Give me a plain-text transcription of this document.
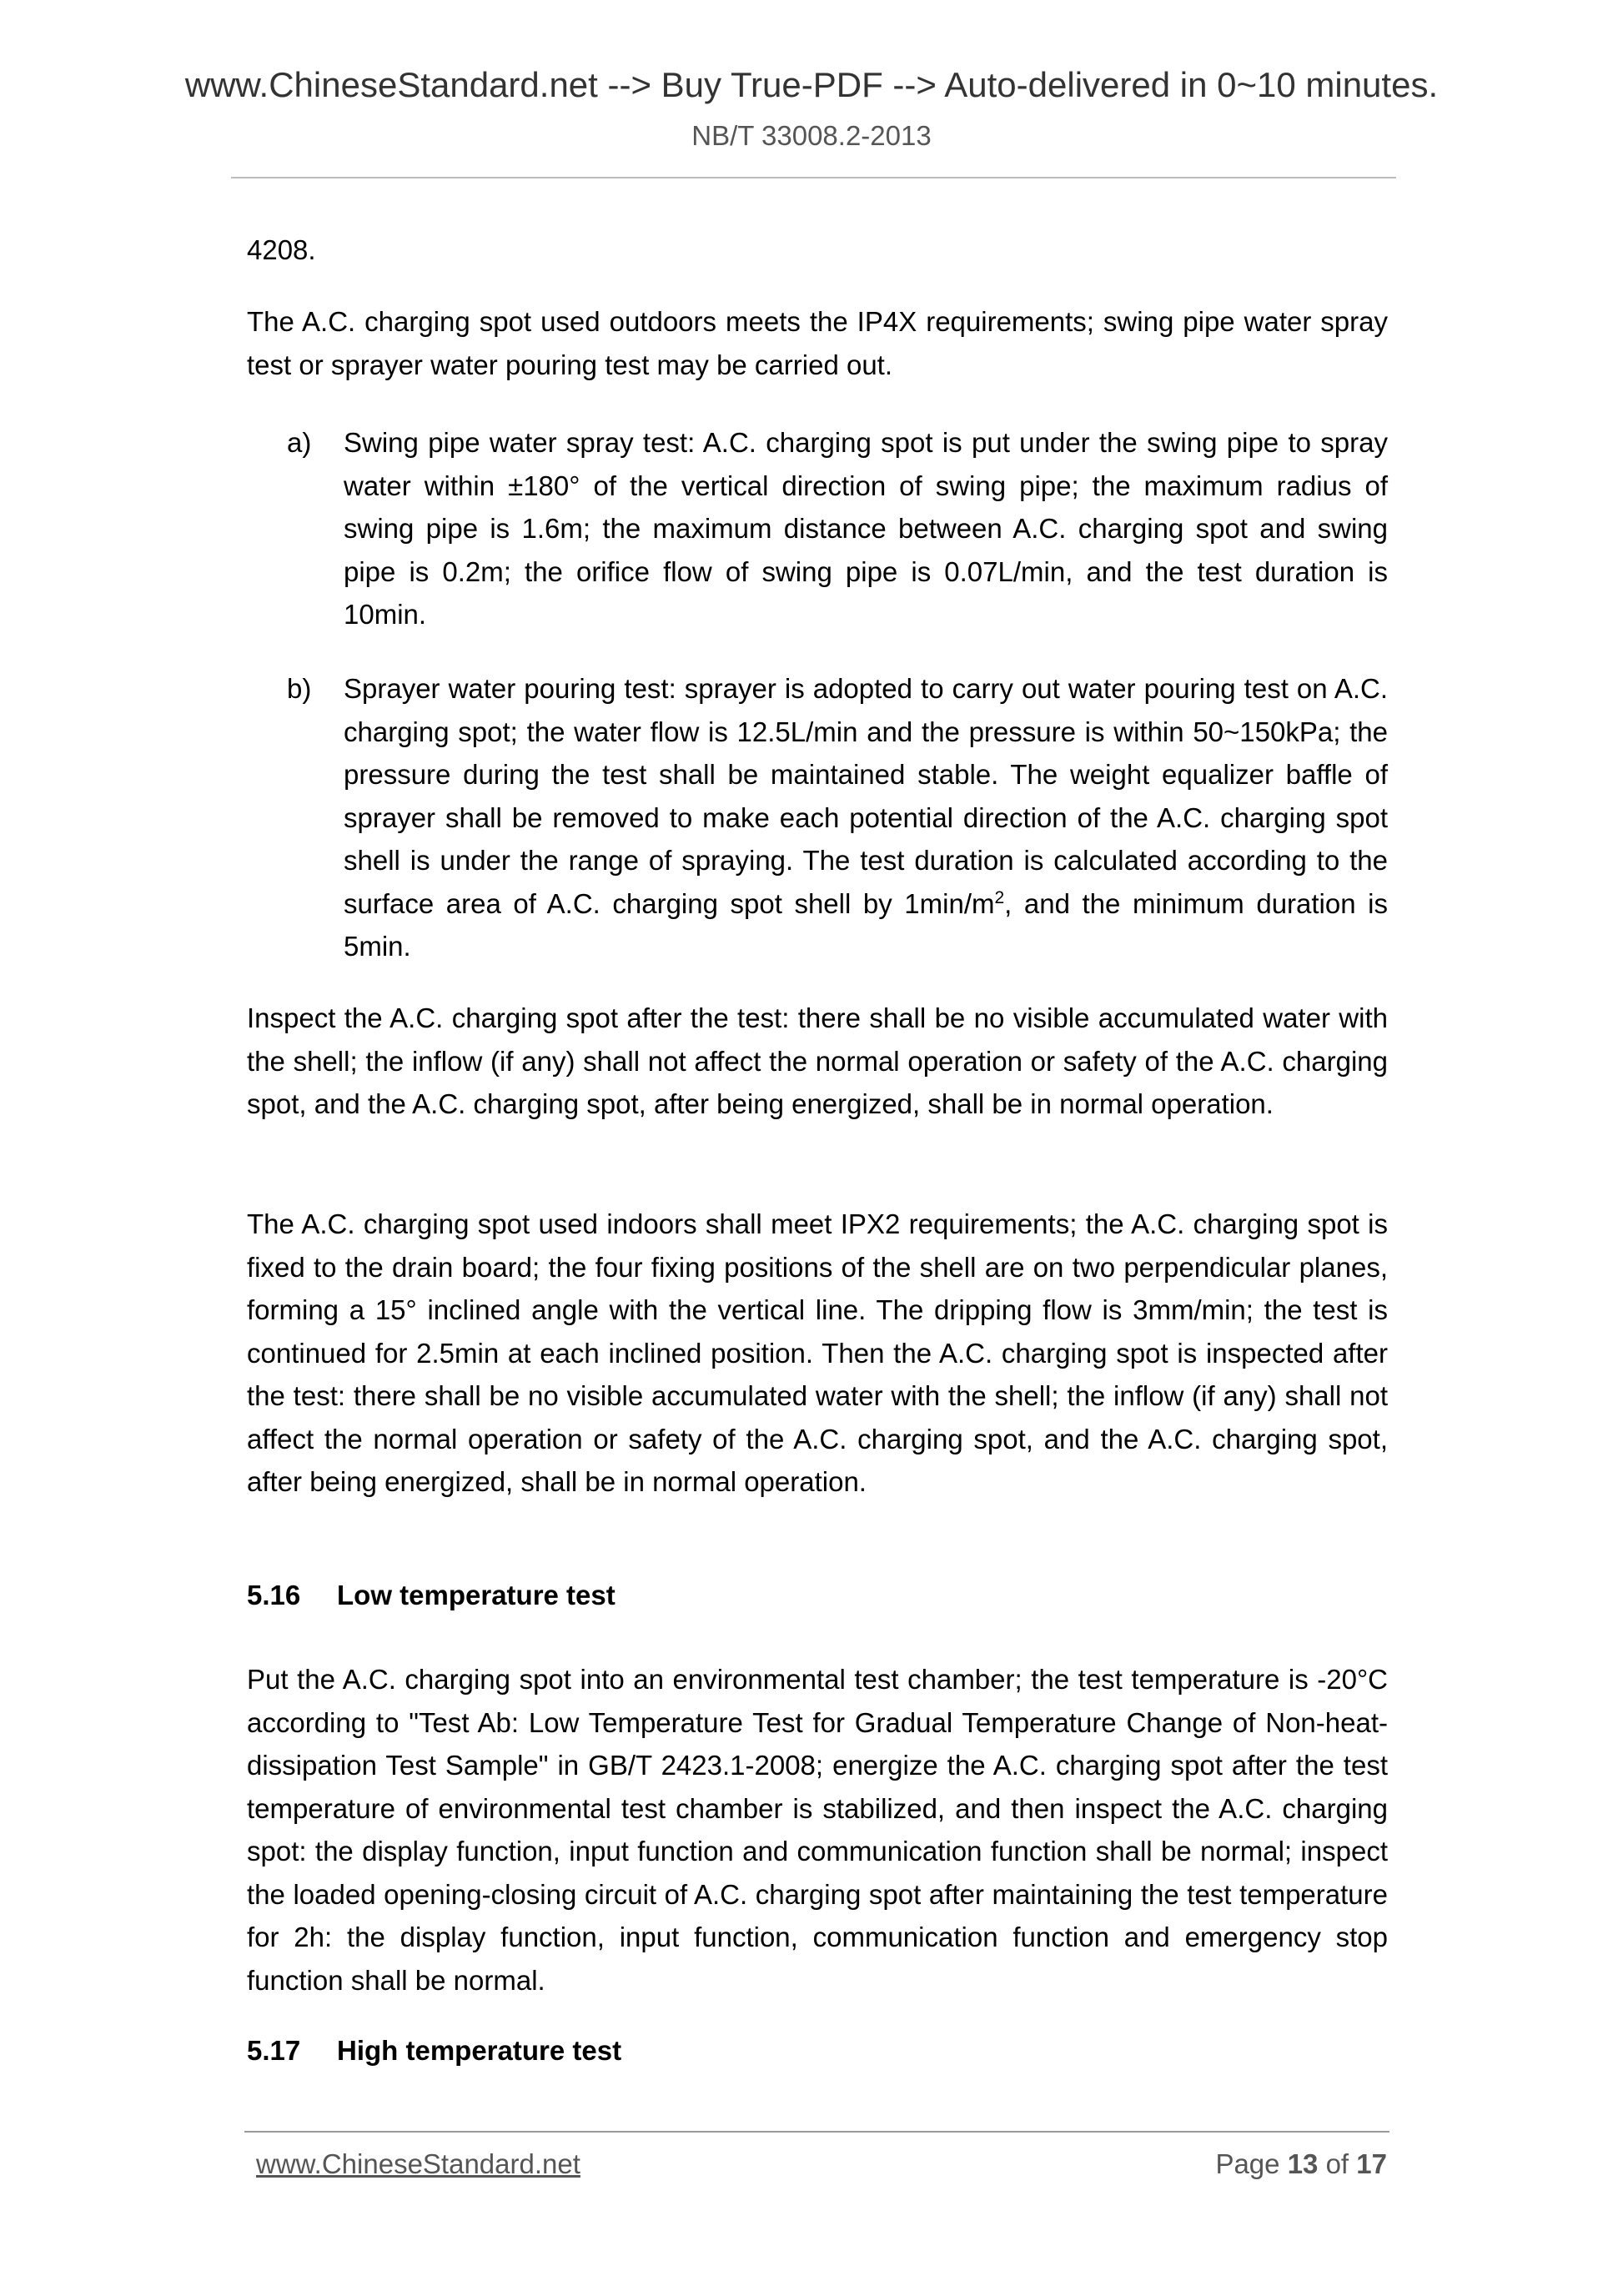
www.ChineseStandard.net --> Buy True-PDF --> Auto-delivered in 0~10 minutes.
NB/T 33008.2-2013
4208.
The A.C. charging spot used outdoors meets the IP4X requirements; swing pipe water spray test or sprayer water pouring test may be carried out.
a)	Swing pipe water spray test: A.C. charging spot is put under the swing pipe to spray water within ±180° of the vertical direction of swing pipe; the maximum radius of swing pipe is 1.6m; the maximum distance between A.C. charging spot and swing pipe is 0.2m; the orifice flow of swing pipe is 0.07L/min, and the test duration is 10min.
b)	Sprayer water pouring test: sprayer is adopted to carry out water pouring test on A.C. charging spot; the water flow is 12.5L/min and the pressure is within 50~150kPa; the pressure during the test shall be maintained stable. The weight equalizer baffle of sprayer shall be removed to make each potential direction of the A.C. charging spot shell is under the range of spraying. The test duration is calculated according to the surface area of A.C. charging spot shell by $1\min/m^2$, and the minimum duration is 5min.
Inspect the A.C. charging spot after the test: there shall be no visible accumulated water with the shell; the inflow (if any) shall not affect the normal operation or safety of the A.C. charging spot, and the A.C. charging spot, after being energized, shall be in normal operation.
The A.C. charging spot used indoors shall meet IPX2 requirements; the A.C. charging spot is fixed to the drain board; the four fixing positions of the shell are on two perpendicular planes, forming a 15° inclined angle with the vertical line. The dripping flow is 3mm/min; the test is continued for 2.5min at each inclined position. Then the A.C. charging spot is inspected after the test: there shall be no visible accumulated water with the shell; the inflow (if any) shall not affect the normal operation or safety of the A.C. charging spot, and the A.C. charging spot, after being energized, shall be in normal operation.
5.16 Low temperature test
Put the A.C. charging spot into an environmental test chamber; the test temperature is -20°C according to "Test Ab: Low Temperature Test for Gradual Temperature Change of Non-heat-dissipation Test Sample" in GB/T 2423.1-2008; energize the A.C. charging spot after the test temperature of environmental test chamber is stabilized, and then inspect the A.C. charging spot: the display function, input function and communication function shall be normal; inspect the loaded opening-closing circuit of A.C. charging spot after maintaining the test temperature for 2h: the display function, input function, communication function and emergency stop function shall be normal.
5.17 High temperature test
www.ChineseStandard.net	Page 13 of 17
